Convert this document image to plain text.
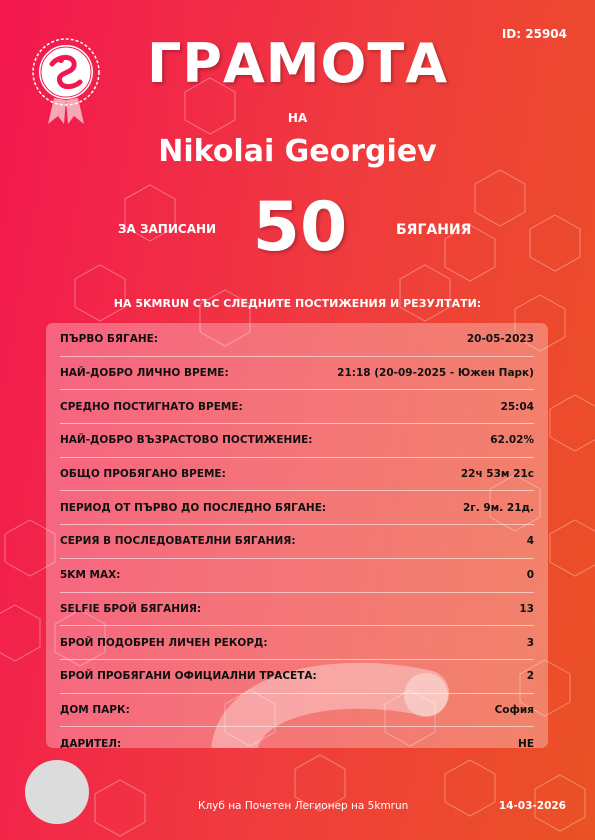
ID: 25904
ГРАМОТА
НА
Nikolai Georgiev
ЗА ЗАПИСАНИ 50	БЯГАНИЯ
НА 5KMRUN СЪС СЛЕДНИТЕ ПОСТИЖЕНИЯ И РЕЗУЛТАТИ:
ПЪРВО БЯГАНЕ:	20-05-2023
НАЙ-ДОБРО ЛИЧНО ВРЕМЕ:	21:18 (20-09-2025 - Южен Парк)
СРЕДНО ПОСТИГНАТО ВРЕМЕ:	25:04
НАЙ-ДОБРО ВЪЗРАСТОВО ПОСТИЖЕНИЕ:	62.02%
ОБЩО ПРОБЯГАНО ВРЕМЕ:	22ч 53м 21с
ПЕРИОД ОТ ПЪРВО ДО ПОСЛЕДНО БЯГАНЕ:	2г. 9м. 21д.
СЕРИЯ В ПОСЛЕДОВАТЕЛНИ БЯГАНИЯ:	4
5KM MAX:	0
SELFIE БРОЙ БЯГАНИЯ:	13
БРОЙ ПОДОБРЕН ЛИЧЕН РЕКОРД:	3
БРОЙ ПРОБЯГАНИ ОФИЦИАЛНИ ТРАСЕТА:	2
ДОМ ПАРК:	София
ДАРИТЕЛ:	НЕ
Клуб на Почетен Легионер на 5kmrun	14-03-2026
